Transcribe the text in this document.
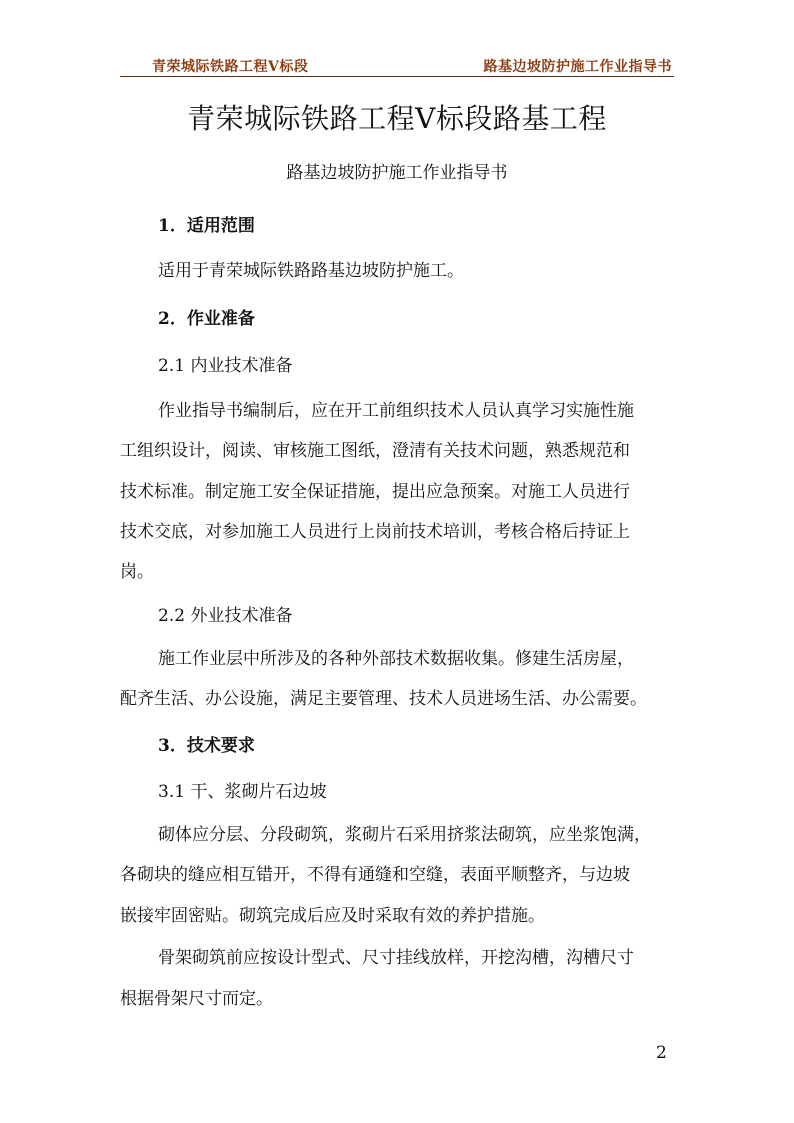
青荣城际铁路工程Ⅴ标段	路基边坡防护施工作业指导书
青荣城际铁路工程Ⅴ标段路基工程
路基边坡防护施工作业指导书
1．适用范围
适用于青荣城际铁路路基边坡防护施工。
2．作业准备
2.1 内业技术准备
作业指导书编制后，应在开工前组织技术人员认真学习实施性施
工组织设计，阅读、审核施工图纸，澄清有关技术问题，熟悉规范和
技术标准。制定施工安全保证措施，提出应急预案。对施工人员进行
技术交底，对参加施工人员进行上岗前技术培训，考核合格后持证上
岗。
2.2 外业技术准备
施工作业层中所涉及的各种外部技术数据收集。修建生活房屋，
配齐生活、办公设施，满足主要管理、技术人员进场生活、办公需要。
3．技术要求
3.1 干、浆砌片石边坡
砌体应分层、分段砌筑，浆砌片石采用挤浆法砌筑，应坐浆饱满，
各砌块的缝应相互错开，不得有通缝和空缝，表面平顺整齐，与边坡
嵌接牢固密贴。砌筑完成后应及时采取有效的养护措施。
骨架砌筑前应按设计型式、尺寸挂线放样，开挖沟槽，沟槽尺寸
根据骨架尺寸而定。
2
